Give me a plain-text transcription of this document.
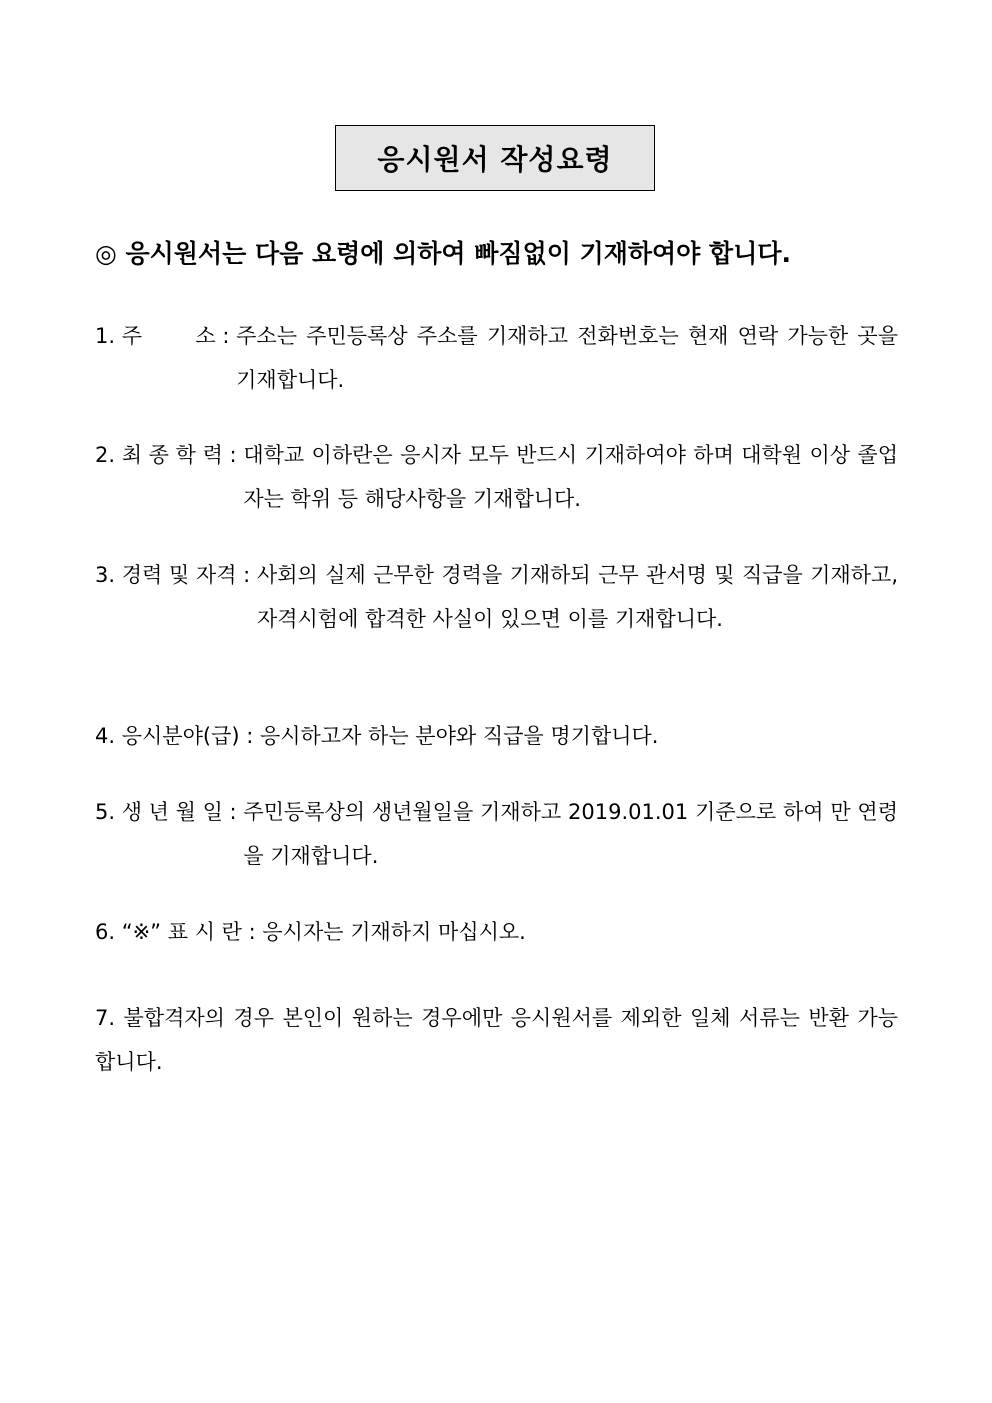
응시원서 작성요령
◎ 응시원서는 다음 요령에 의하여 빠짐없이 기재하여야 합니다.
1. 주        소 : 주소는 주민등록상 주소를 기재하고 전화번호는 현재 연락 가능한 곳을 기재합니다.
2. 최 종 학 력 : 대학교 이하란은 응시자 모두 반드시 기재하여야 하며 대학원 이상 졸업자는 학위 등 해당사항을 기재합니다.
3. 경력 및 자격 : 사회의 실제 근무한 경력을 기재하되 근무 관서명 및 직급을 기재하고, 자격시험에 합격한 사실이 있으면 이를 기재합니다.
4. 응시분야(급) : 응시하고자 하는 분야와 직급을 명기합니다.
5. 생 년 월 일 : 주민등록상의 생년월일을 기재하고 2019.01.01 기준으로 하여 만 연령을 기재합니다.
6. “※” 표 시 란 : 응시자는 기재하지 마십시오.
7. 불합격자의 경우 본인이 원하는 경우에만 응시원서를 제외한 일체 서류는 반환 가능합니다.
